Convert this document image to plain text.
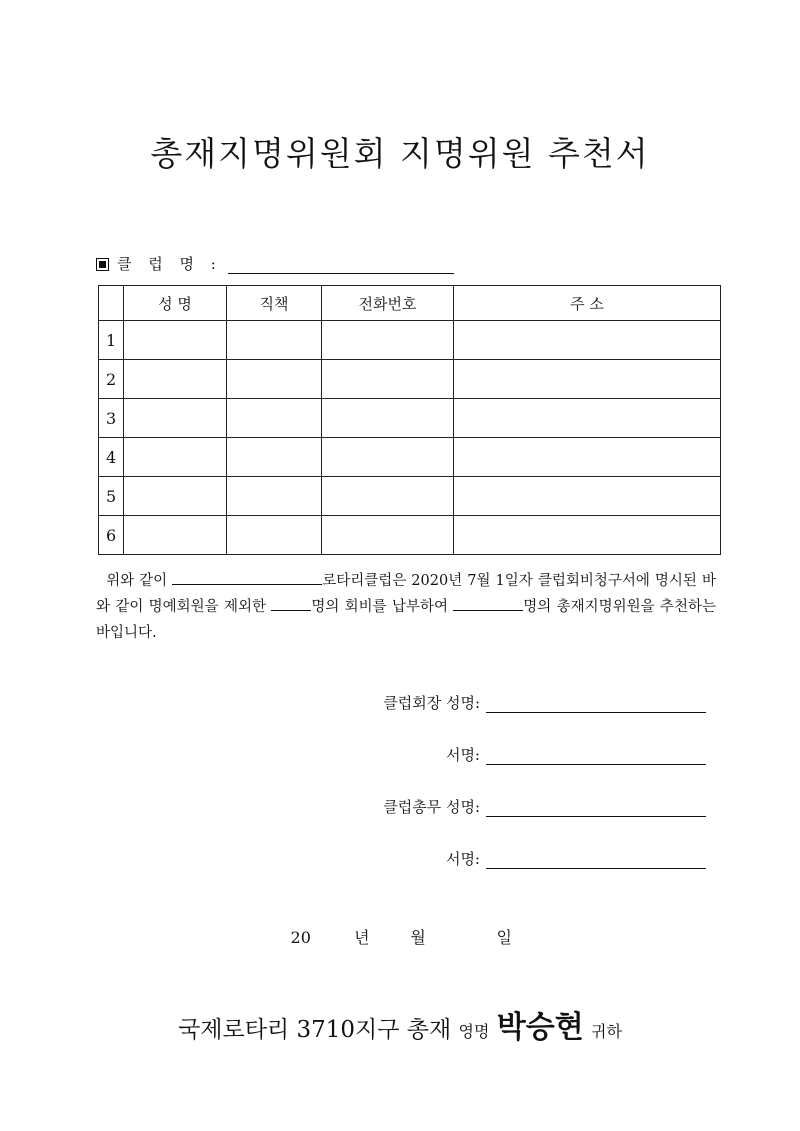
총재지명위원회 지명위원 추천서
클 럽 명 :
	성 명	직책	전화번호	주 소
1				
2				
3				
4				
5				
6				
위와 같이	로타리클럽은 2020년 7월 1일자 클럽회비청구서에 명시된 바와 같이 명예회원을 제외한	명의 회비를 납부하여	명의 총재지명위원을 추천하는 바입니다.
클럽회장 성명:
서명:
클럽총무 성명:
서명:
20	년	월	일
국제로타리 3710지구 총재 영명 박승현 귀하
